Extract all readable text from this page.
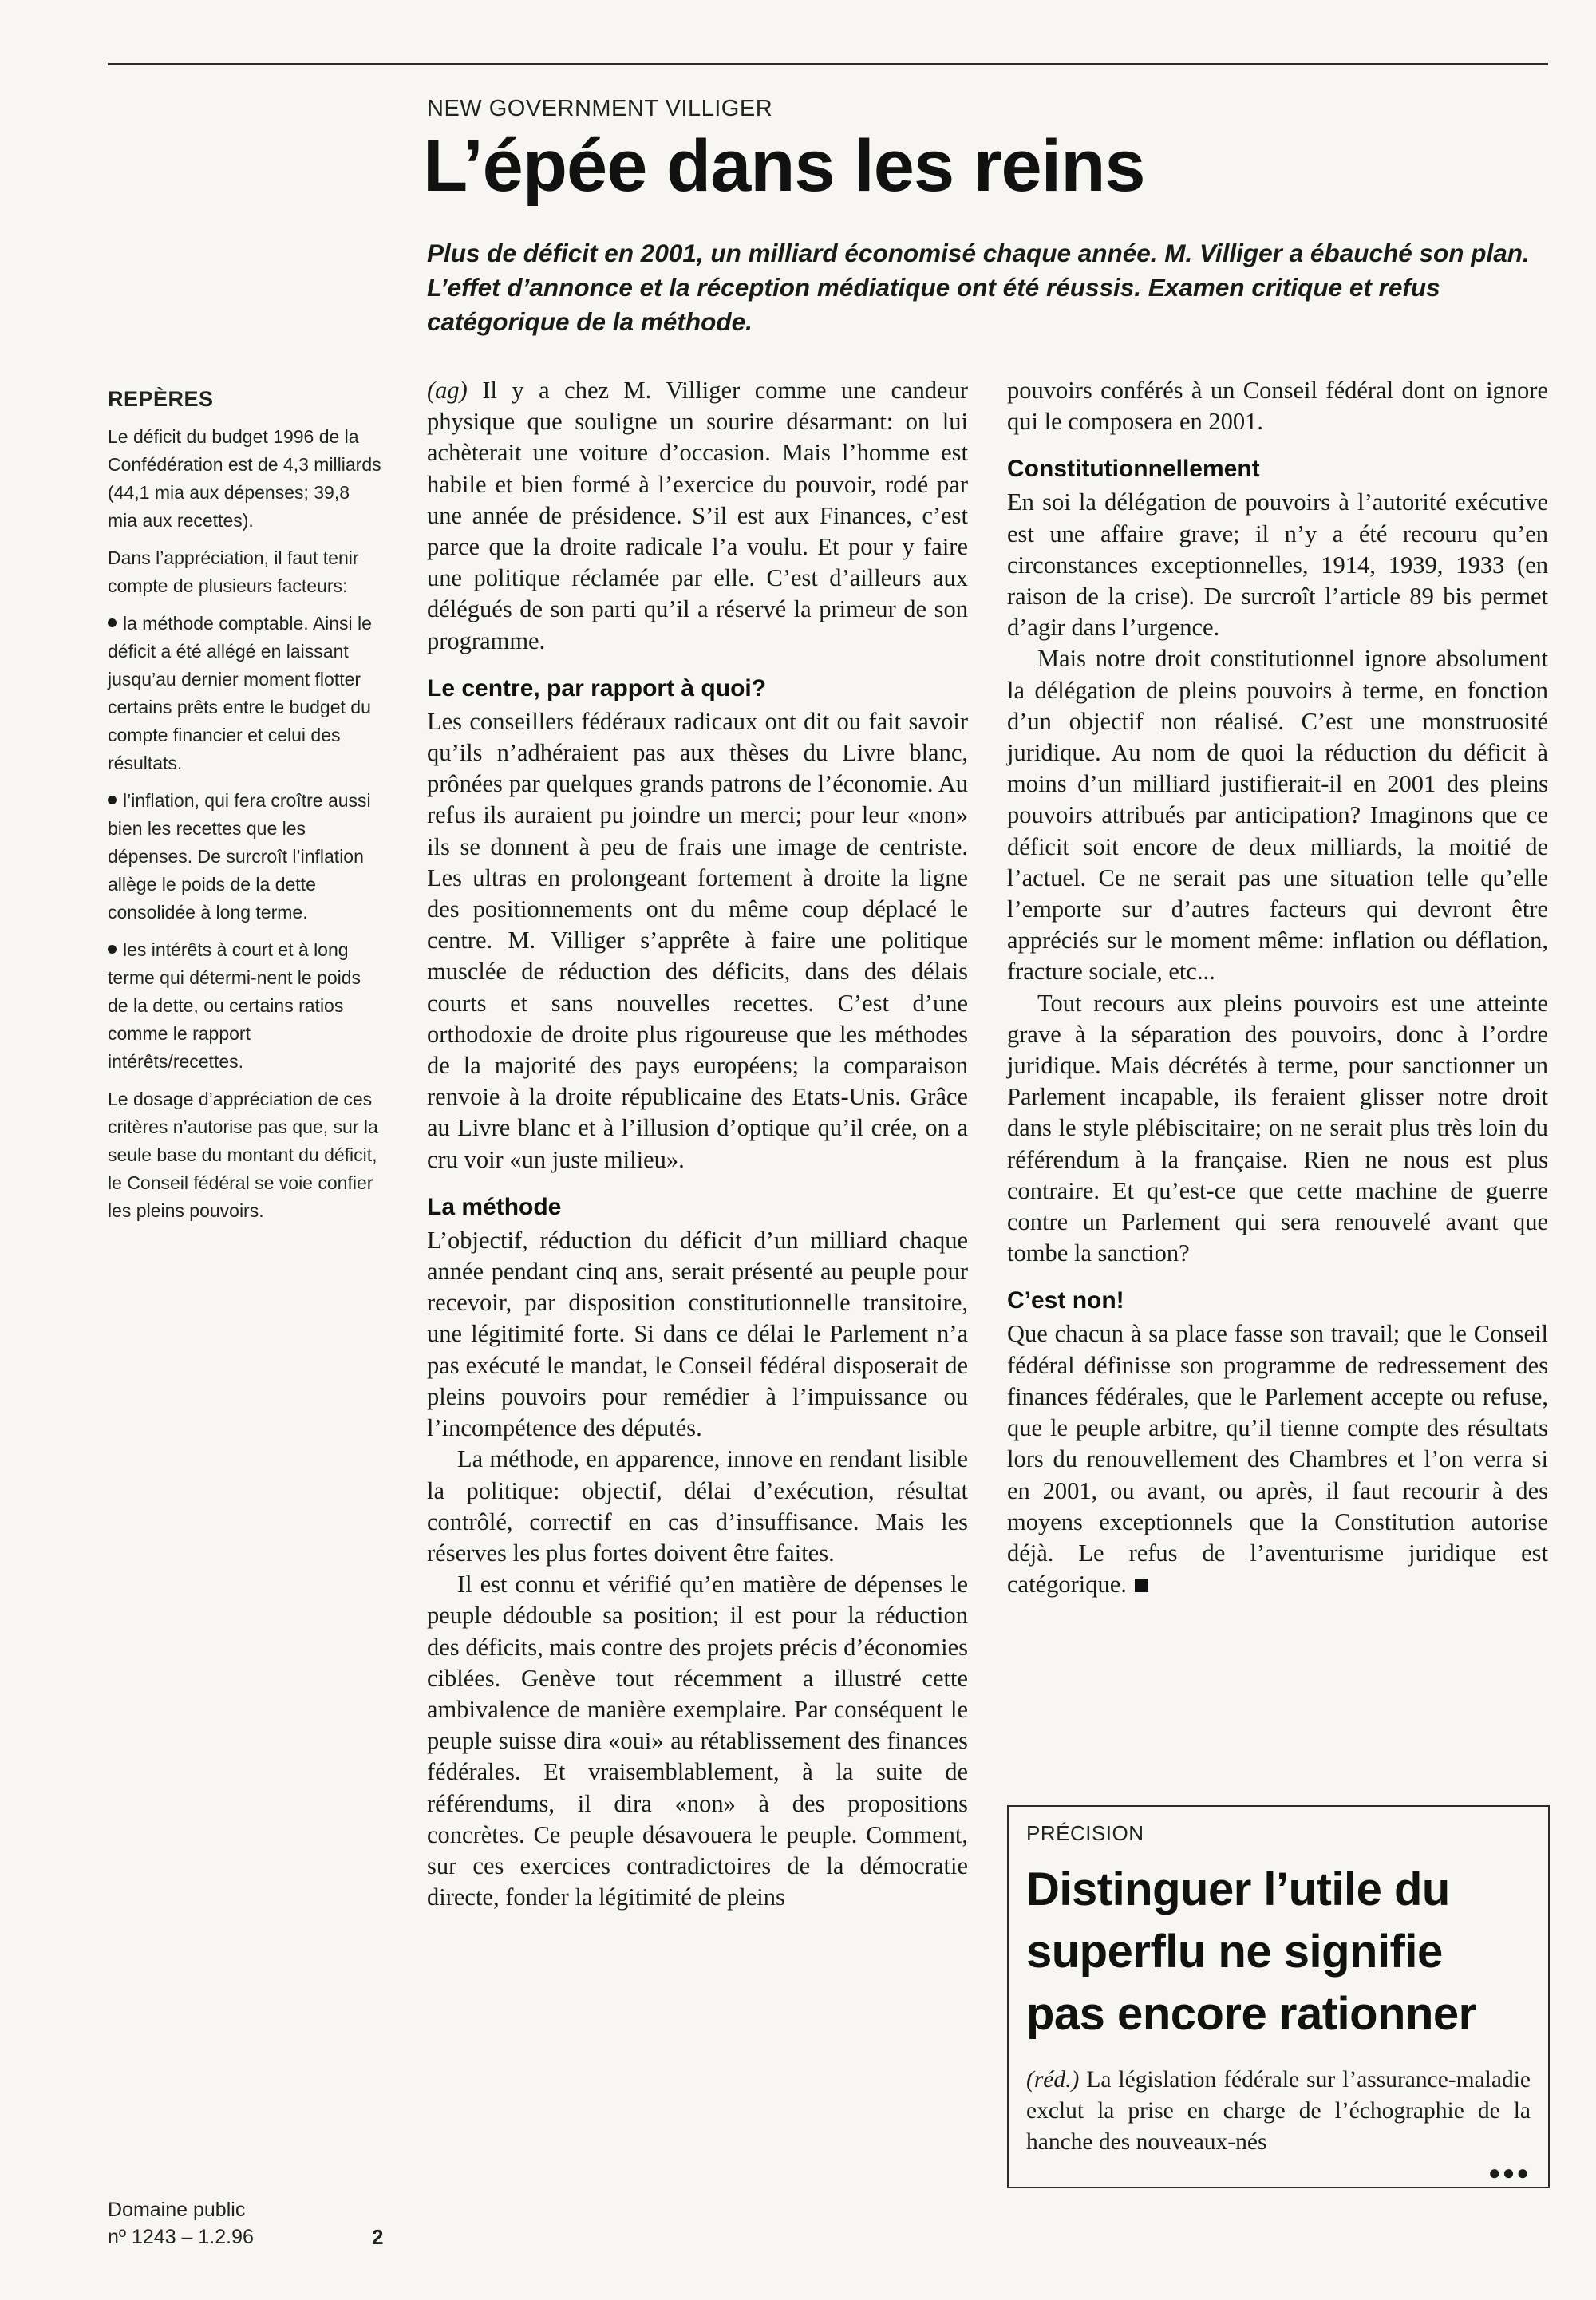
NEW GOVERNMENT VILLIGER
L’épée dans les reins

Plus de déficit en 2001, un milliard économisé chaque année. M. Villiger a ébauché son plan. L’effet d’annonce et la réception médiatique ont été réussis. Examen critique et refus catégorique de la méthode.

REPÈRES

Le déficit du budget 1996 de la Confédération est de 4,3 milliards (44,1 mia aux dépenses; 39,8 mia aux recettes).

Dans l’appréciation, il faut tenir compte de plusieurs facteurs:

la méthode comptable. Ainsi le déficit a été allégé en laissant jusqu’au dernier moment flotter certains prêts entre le budget du compte financier et celui des résultats.

l’inflation, qui fera croître aussi bien les recettes que les dépenses. De surcroît l’inflation allège le poids de la dette consolidée à long terme.

les intérêts à court et à long terme qui détermi-nent le poids de la dette, ou certains ratios comme le rapport intérêts/recettes.

Le dosage d’appréciation de ces critères n’autorise pas que, sur la seule base du montant du déficit, le Conseil fédéral se voie confier les pleins pouvoirs.

Domaine public
nº 1243 – 1.2.96	2

(ag) Il y a chez M. Villiger comme une candeur physique que souligne un sourire désarmant: on lui achèterait une voiture d’occasion. Mais l’homme est habile et bien formé à l’exercice du pouvoir, rodé par une année de présidence. S’il est aux Finances, c’est parce que la droite radicale l’a voulu. Et pour y faire une politique réclamée par elle. C’est d’ailleurs aux délégués de son parti qu’il a réservé la primeur de son programme.

Le centre, par rapport à quoi?

Les conseillers fédéraux radicaux ont dit ou fait savoir qu’ils n’adhéraient pas aux thèses du Livre blanc, prônées par quelques grands patrons de l’économie. Au refus ils auraient pu joindre un merci; pour leur «non» ils se donnent à peu de frais une image de centriste. Les ultras en prolongeant fortement à droite la ligne des positionnements ont du même coup déplacé le centre. M. Villiger s’apprête à faire une politique musclée de réduction des déficits, dans des délais courts et sans nouvelles recettes. C’est d’une orthodoxie de droite plus rigoureuse que les méthodes de la majorité des pays européens; la comparaison renvoie à la droite républicaine des Etats-Unis. Grâce au Livre blanc et à l’illusion d’optique qu’il crée, on a cru voir «un juste milieu».

La méthode

L’objectif, réduction du déficit d’un milliard chaque année pendant cinq ans, serait présenté au peuple pour recevoir, par disposition constitutionnelle transitoire, une légitimité forte. Si dans ce délai le Parlement n’a pas exécuté le mandat, le Conseil fédéral disposerait de pleins pouvoirs pour remédier à l’impuissance ou l’incompétence des députés.

La méthode, en apparence, innove en rendant lisible la politique: objectif, délai d’exécution, résultat contrôlé, correctif en cas d’insuffisance. Mais les réserves les plus fortes doivent être faites.

Il est connu et vérifié qu’en matière de dépenses le peuple dédouble sa position; il est pour la réduction des déficits, mais contre des projets précis d’économies ciblées. Genève tout récemment a illustré cette ambivalence de manière exemplaire. Par conséquent le peuple suisse dira «oui» au rétablissement des finances fédérales. Et vraisemblablement, à la suite de référendums, il dira «non» à des propositions concrètes. Ce peuple désavouera le peuple. Comment, sur ces exercices contradictoires de la démocratie directe, fonder la légitimité de pleins

pouvoirs conférés à un Conseil fédéral dont on ignore qui le composera en 2001.

Constitutionnellement

En soi la délégation de pouvoirs à l’autorité exécutive est une affaire grave; il n’y a été recouru qu’en circonstances exceptionnelles, 1914, 1939, 1933 (en raison de la crise). De surcroît l’article 89 bis permet d’agir dans l’urgence.

Mais notre droit constitutionnel ignore absolument la délégation de pleins pouvoirs à terme, en fonction d’un objectif non réalisé. C’est une monstruosité juridique. Au nom de quoi la réduction du déficit à moins d’un milliard justifierait-il en 2001 des pleins pouvoirs attribués par anticipation? Imaginons que ce déficit soit encore de deux milliards, la moitié de l’actuel. Ce ne serait pas une situation telle qu’elle l’emporte sur d’autres facteurs qui devront être appréciés sur le moment même: inflation ou déflation, fracture sociale, etc...

Tout recours aux pleins pouvoirs est une atteinte grave à la séparation des pouvoirs, donc à l’ordre juridique. Mais décrétés à terme, pour sanctionner un Parlement incapable, ils feraient glisser notre droit dans le style plébiscitaire; on ne serait plus très loin du référendum à la française. Rien ne nous est plus contraire. Et qu’est-ce que cette machine de guerre contre un Parlement qui sera renouvelé avant que tombe la sanction?

C’est non!

Que chacun à sa place fasse son travail; que le Conseil fédéral définisse son programme de redressement des finances fédérales, que le Parlement accepte ou refuse, que le peuple arbitre, qu’il tienne compte des résultats lors du renouvellement des Chambres et l’on verra si en 2001, ou avant, ou après, il faut recourir à des moyens exceptionnels que la Constitution autorise déjà. Le refus de l’aventurisme juridique est catégorique.

PRÉCISION
Distinguer l’utile du superflu ne signifie pas encore rationner

(réd.) La législation fédérale sur l’assurance-maladie exclut la prise en charge de l’échographie de la hanche des nouveaux-nés

●●●
